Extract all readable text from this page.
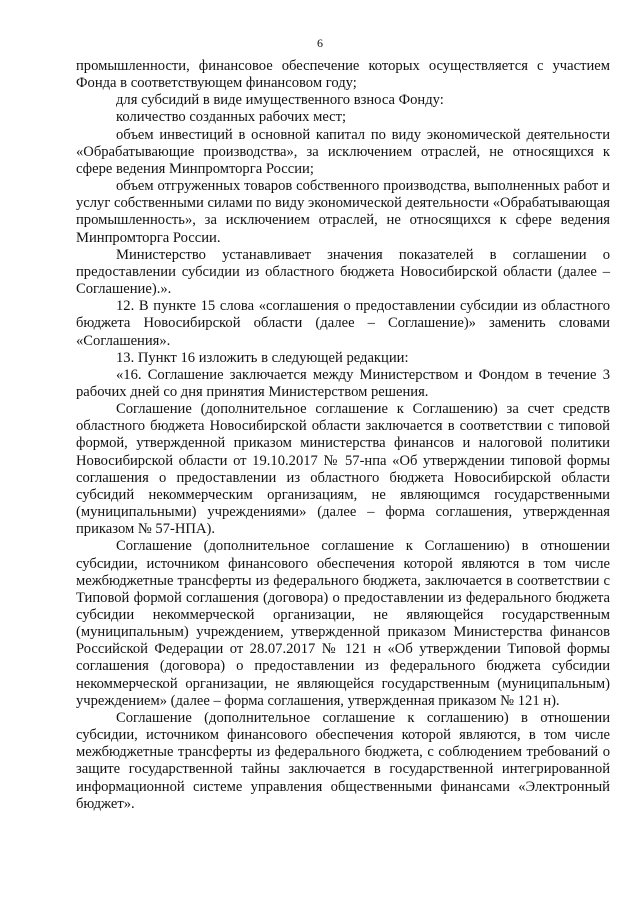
6

промышленности, финансовое обеспечение которых осуществляется с участием Фонда в соответствующем финансовом году;

для субсидий в виде имущественного взноса Фонду:

количество созданных рабочих мест;

объем инвестиций в основной капитал по виду экономической деятельности «Обрабатывающие производства», за исключением отраслей, не относящихся к сфере ведения Минпромторга России;

объем отгруженных товаров собственного производства, выполненных работ и услуг собственными силами по виду экономической деятельности «Обрабатывающая промышленность», за исключением отраслей, не относящихся к сфере ведения Минпромторга России.

Министерство устанавливает значения показателей в соглашении о предоставлении субсидии из областного бюджета Новосибирской области (далее – Соглашение).».

12. В пункте 15 слова «соглашения о предоставлении субсидии из областного бюджета Новосибирской области (далее – Соглашение)» заменить словами «Соглашения».

13. Пункт 16 изложить в следующей редакции:

«16. Соглашение заключается между Министерством и Фондом в течение 3 рабочих дней со дня принятия Министерством решения.

Соглашение (дополнительное соглашение к Соглашению) за счет средств областного бюджета Новосибирской области заключается в соответствии с типовой формой, утвержденной приказом министерства финансов и налоговой политики Новосибирской области от 19.10.2017 № 57-нпа «Об утверждении типовой формы соглашения о предоставлении из областного бюджета Новосибирской области субсидий некоммерческим организациям, не являющимся государственными (муниципальными) учреждениями» (далее – форма соглашения, утвержденная приказом № 57-НПА).

Соглашение (дополнительное соглашение к Соглашению) в отношении субсидии, источником финансового обеспечения которой являются в том числе межбюджетные трансферты из федерального бюджета, заключается в соответствии с Типовой формой соглашения (договора) о предоставлении из федерального бюджета субсидии некоммерческой организации, не являющейся государственным (муниципальным) учреждением, утвержденной приказом Министерства финансов Российской Федерации от 28.07.2017 № 121 н «Об утверждении Типовой формы соглашения (договора) о предоставлении из федерального бюджета субсидии некоммерческой организации, не являющейся государственным (муниципальным) учреждением» (далее – форма соглашения, утвержденная приказом № 121 н).

Соглашение (дополнительное соглашение к соглашению) в отношении субсидии, источником финансового обеспечения которой являются, в том числе межбюджетные трансферты из федерального бюджета, с соблюдением требований о защите государственной тайны заключается в государственной интегрированной информационной системе управления общественными финансами «Электронный бюджет».
